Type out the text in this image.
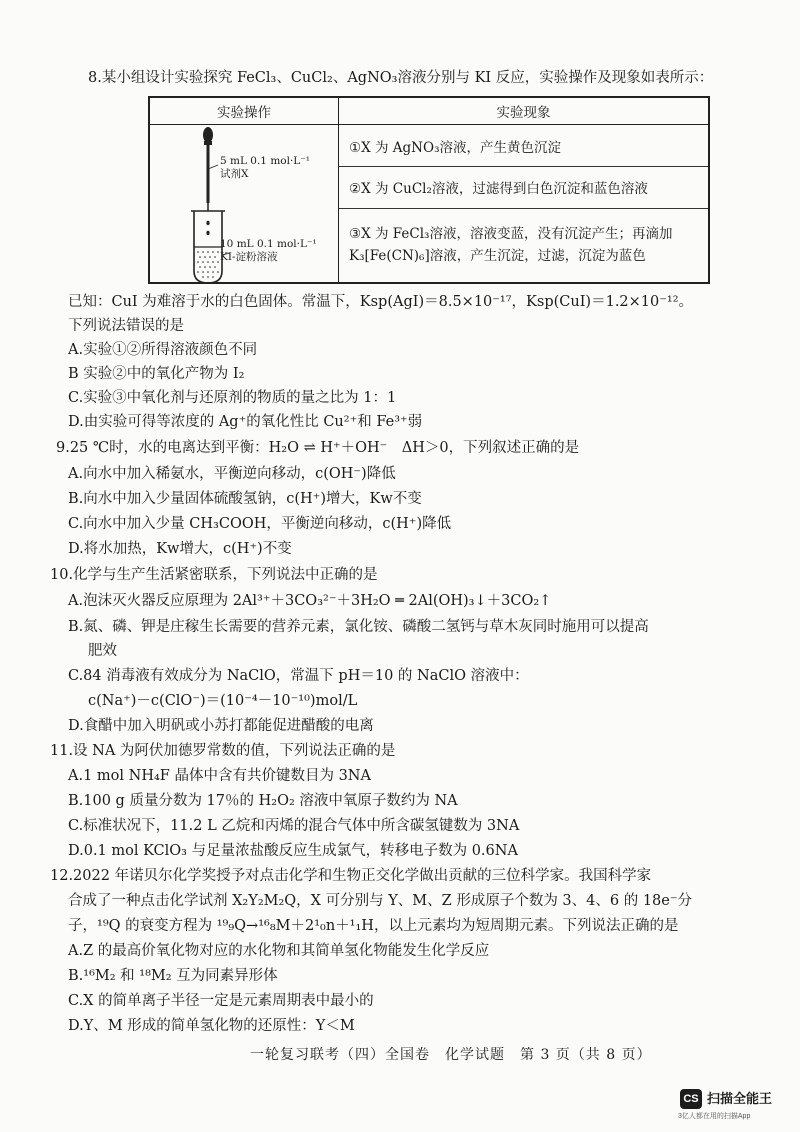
8.某小组设计实验探究 FeCl₃、CuCl₂、AgNO₃溶液分别与 KI 反应，实验操作及现象如表所示：
实验操作	实验现象

5 mL 0.1 mol·L⁻¹
试剂X
10 mL 0.1 mol·L⁻¹
KI-淀粉溶液	①X 为 AgNO₃溶液，产生黄色沉淀
	②X 为 CuCl₂溶液，过滤得到白色沉淀和蓝色溶液

	③X 为 FeCl₃溶液，溶液变蓝，没有沉淀产生；再滴加
K₃[Fe(CN)₆]溶液，产生沉淀，过滤，沉淀为蓝色
已知：CuI 为难溶于水的白色固体。常温下，Ksp(AgI)＝8.5×10⁻¹⁷，Ksp(CuI)＝1.2×10⁻¹²。
下列说法错误的是
A.实验①②所得溶液颜色不同
B 实验②中的氧化产物为 I₂
C.实验③中氧化剂与还原剂的物质的量之比为 1：1
D.由实验可得等浓度的 Ag⁺的氧化性比 Cu²⁺和 Fe³⁺弱
9.25 ℃时，水的电离达到平衡：H₂O ⇌ H⁺＋OH⁻　ΔH＞0，下列叙述正确的是
A.向水中加入稀氨水，平衡逆向移动，c(OH⁻)降低
B.向水中加入少量固体硫酸氢钠，c(H⁺)增大，Kw不变
C.向水中加入少量 CH₃COOH，平衡逆向移动，c(H⁺)降低
D.将水加热，Kw增大，c(H⁺)不变
10.化学与生产生活紧密联系，下列说法中正确的是
A.泡沫灭火器反应原理为 2Al³⁺＋3CO₃²⁻＋3H₂O ═ 2Al(OH)₃↓＋3CO₂↑
B.氮、磷、钾是庄稼生长需要的营养元素，氯化铵、磷酸二氢钙与草木灰同时施用可以提高
肥效
C.84 消毒液有效成分为 NaClO，常温下 pH＝10 的 NaClO 溶液中：
c(Na⁺)－c(ClO⁻)＝(10⁻⁴－10⁻¹⁰)mol/L
D.食醋中加入明矾或小苏打都能促进醋酸的电离
11.设 NA 为阿伏加德罗常数的值，下列说法正确的是
A.1 mol NH₄F 晶体中含有共价键数目为 3NA
B.100 g 质量分数为 17％的 H₂O₂ 溶液中氧原子数约为 NA
C.标准状况下，11.2 L 乙烷和丙烯的混合气体中所含碳氢键数为 3NA
D.0.1 mol KClO₃ 与足量浓盐酸反应生成氯气，转移电子数为 0.6NA
12.2022 年诺贝尔化学奖授予对点击化学和生物正交化学做出贡献的三位科学家。我国科学家
合成了一种点击化学试剂 X₂Y₂M₂Q，X 可分别与 Y、M、Z 形成原子个数为 3、4、6 的 18e⁻分
子，¹⁹Q 的衰变方程为 ¹⁹₉Q→¹⁶₈M＋2¹₀n＋¹₁H，以上元素均为短周期元素。下列说法正确的是
A.Z 的最高价氧化物对应的水化物和其简单氢化物能发生化学反应
B.¹⁶M₂ 和 ¹⁸M₂ 互为同素异形体
C.X 的简单离子半径一定是元素周期表中最小的
D.Y、M 形成的简单氢化物的还原性：Y＜M
一轮复习联考（四）全国卷　化学试题　第 3 页（共 8 页）
CS 扫描全能王
3亿人都在用的扫描App
